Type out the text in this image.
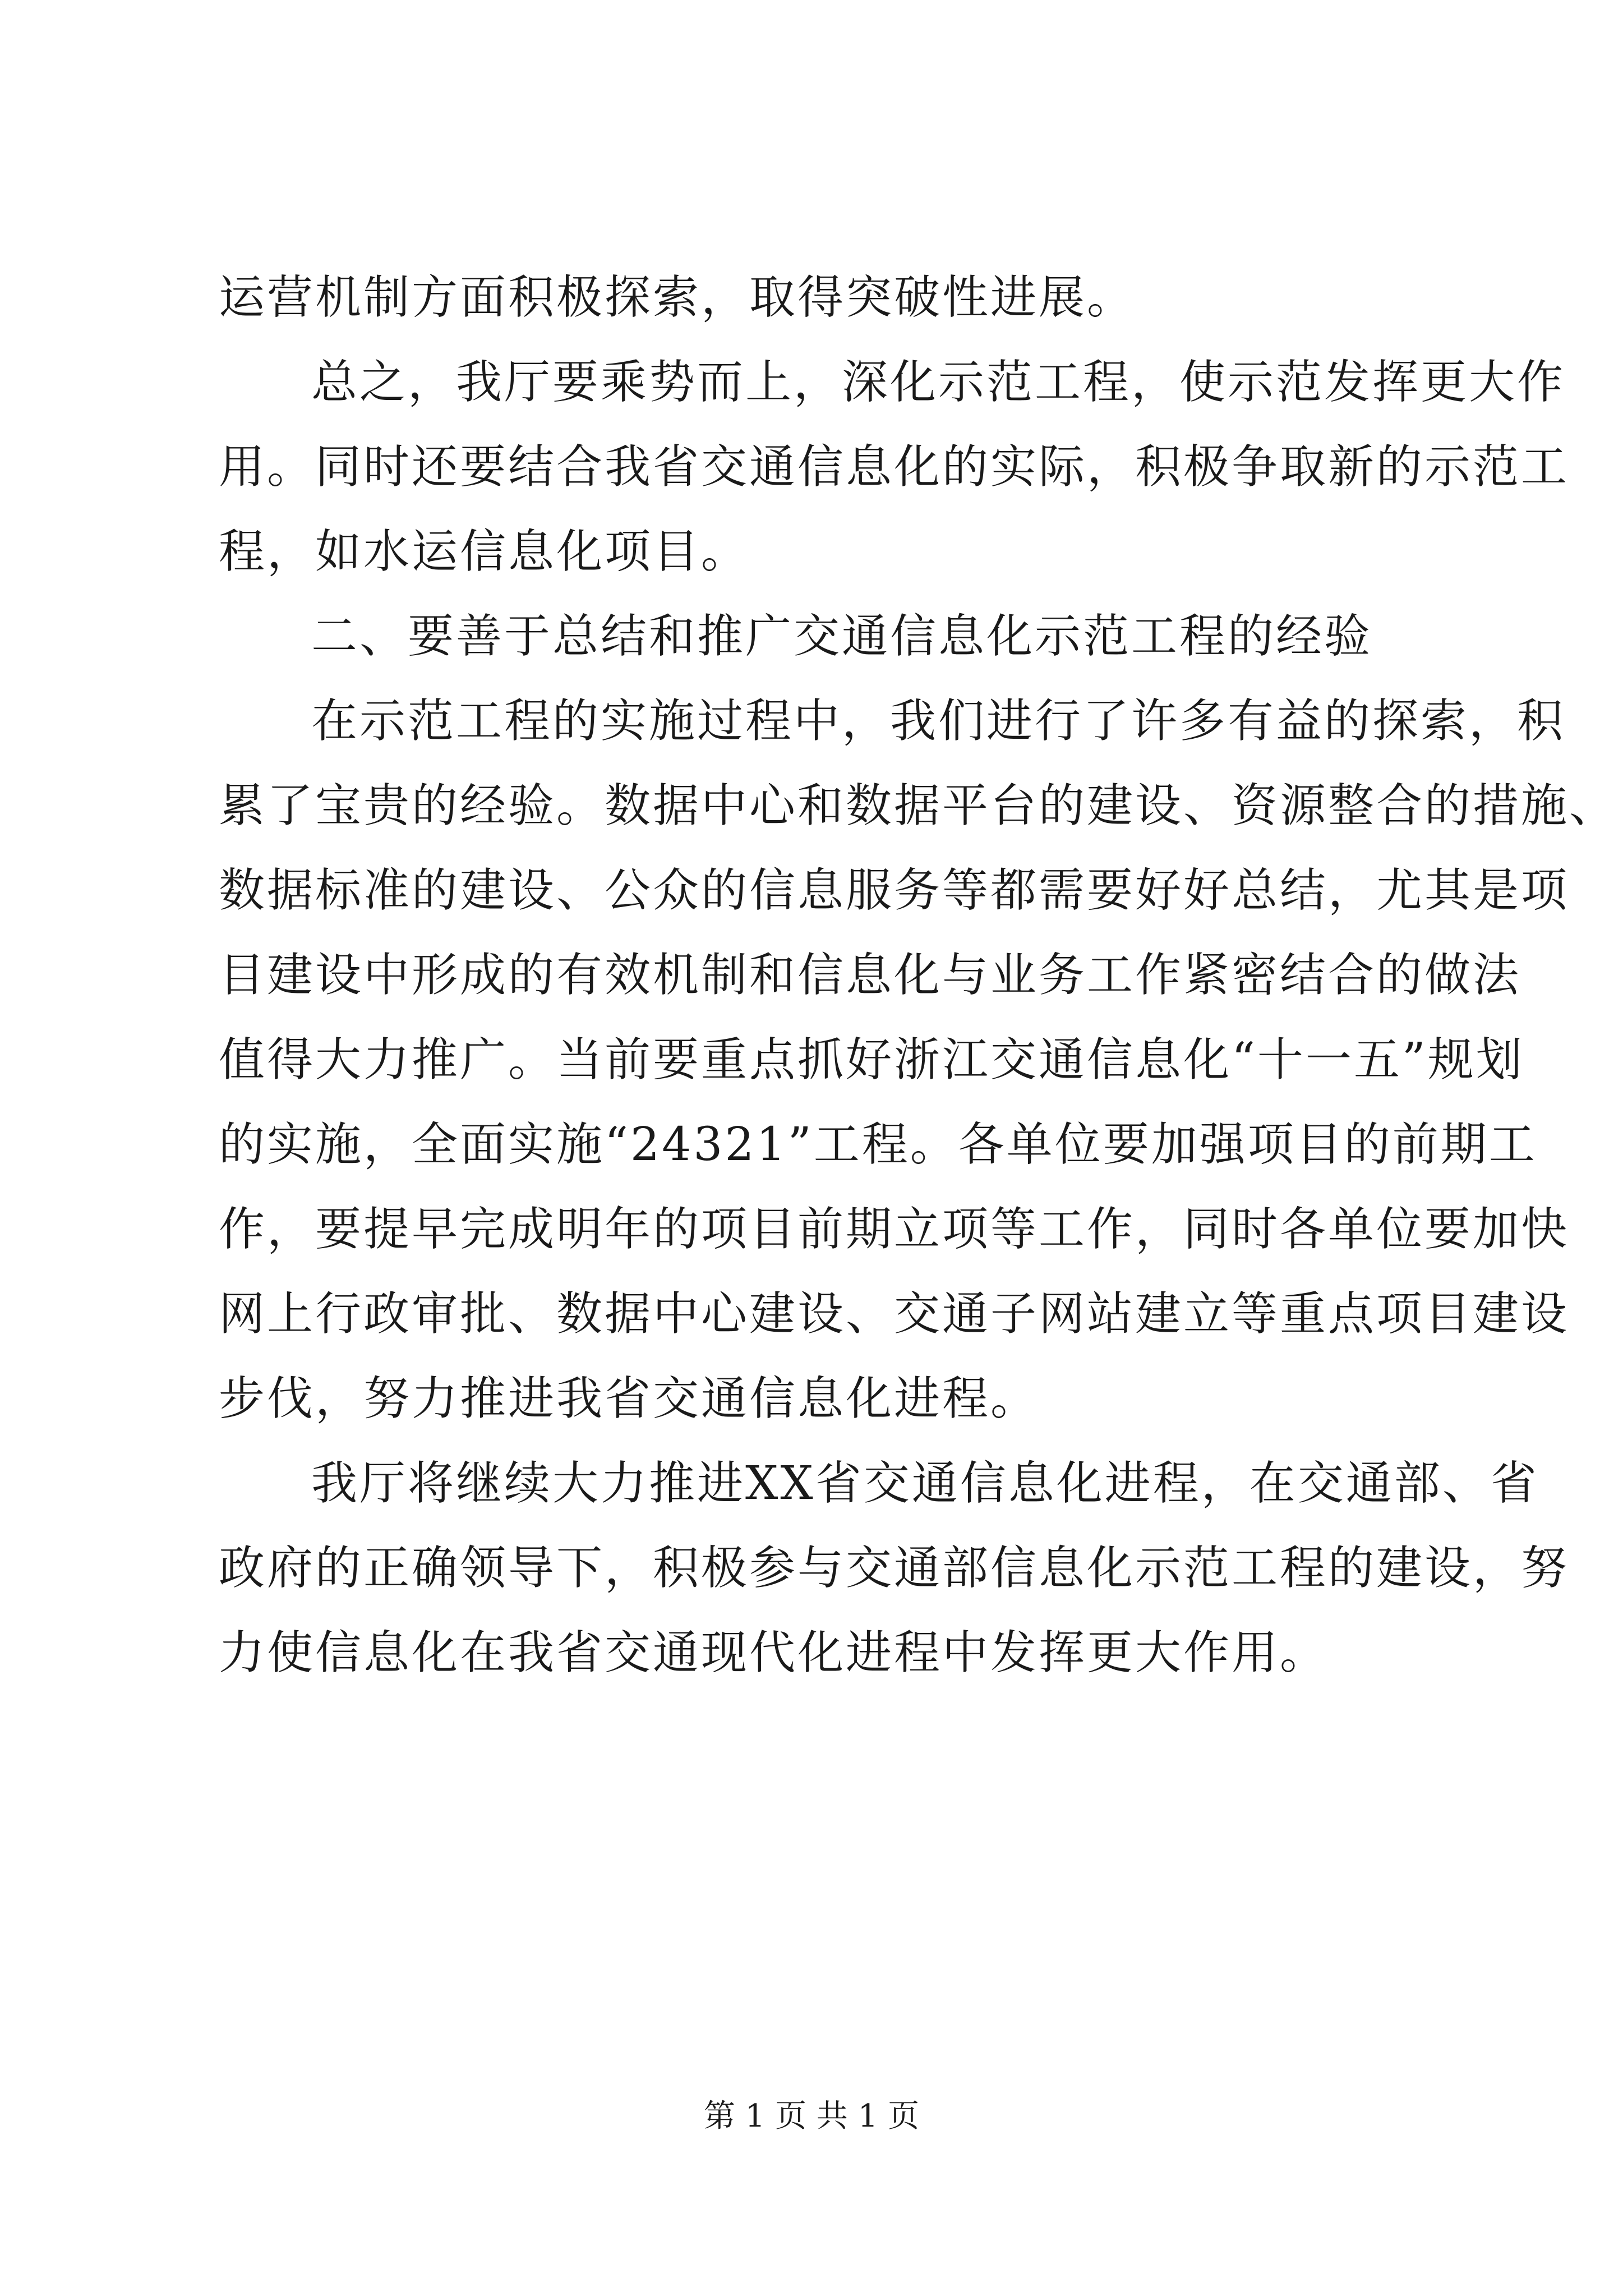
运营机制方面积极探索，取得突破性进展。
总之，我厅要乘势而上，深化示范工程，使示范发挥更大作
用。同时还要结合我省交通信息化的实际，积极争取新的示范工
程，如水运信息化项目。
二、要善于总结和推广交通信息化示范工程的经验
在示范工程的实施过程中，我们进行了许多有益的探索，积
累了宝贵的经验。数据中心和数据平台的建设、资源整合的措施、
数据标准的建设、公众的信息服务等都需要好好总结，尤其是项
目建设中形成的有效机制和信息化与业务工作紧密结合的做法
值得大力推广。当前要重点抓好浙江交通信息化“十一五”规划
的实施，全面实施“24321”工程。各单位要加强项目的前期工
作，要提早完成明年的项目前期立项等工作，同时各单位要加快
网上行政审批、数据中心建设、交通子网站建立等重点项目建设
步伐，努力推进我省交通信息化进程。
我厅将继续大力推进XX省交通信息化进程，在交通部、省
政府的正确领导下，积极参与交通部信息化示范工程的建设，努
力使信息化在我省交通现代化进程中发挥更大作用。
第 1 页 共 1 页
